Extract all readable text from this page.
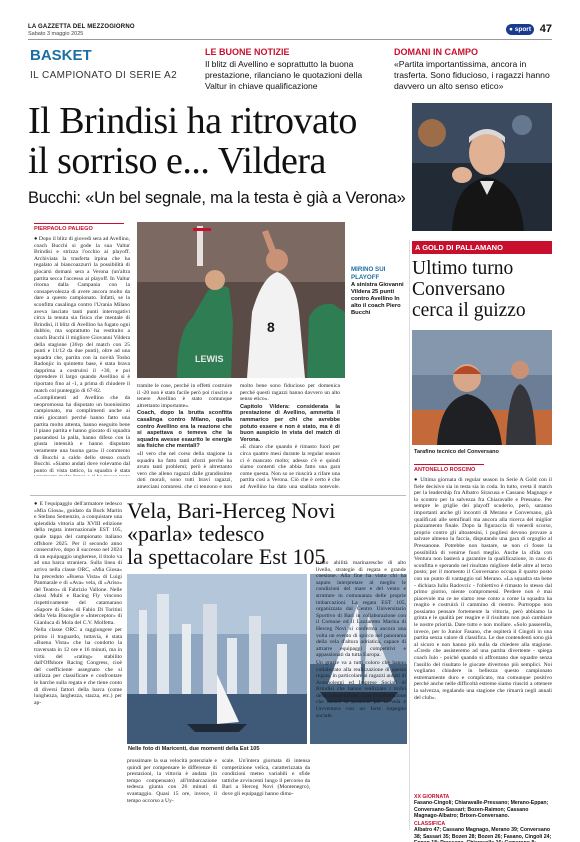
LA GAZZETTA DEL MEZZOGIORNO
Sabato 3 maggio 2025
● sport 47
BASKET
IL CAMPIONATO DI SERIE A2
LE BUONE NOTIZIE
Il blitz di Avellino e soprattutto la buona prestazione, rilanciano le quotazioni della Valtur in chiave qualificazione
DOMANI IN CAMPO
«Partita importantissima, ancora in trasferta. Sono fiducioso, i ragazzi hanno davvero un alto senso etico»
Il Brindisi ha ritrovato
il sorriso e... Vildera
Bucchi: «Un bel segnale, ma la testa è già a Verona»
PIERPAOLO PALIEGO

● Dopo il blitz di giovedì sera ad Avellino, coach Bucchi si gode la sua Valtur Brindisi e strizza l'occhio ai playoff. Archiviata la trasferta irpina che ha regalato al biancoazzurri la possibilità di giocarsi domani sera a Verona (un'altra partita secca l'accesso ai playoff. In Valtur ritorna dalla Campania con la consapevolezza di avere ancora molto da dare a questo campionato. Infatti, se la sconfitta casalinga contro l'Urania Milano aveva lasciato tanti punti interrogativi circa la tenuta sia fisica che mentale di Brindisi, il blitz di Avellino ha fugato ogni dubbio, ma soprattutto ha restituito a coach Bucchi il migliore Giovanni Vildera della stagione (36vp del match con 25 punti e 11/12 da due punti), oltre ad una squadra che, partita con la novità Tosho Radonjic in quintetto base, è stata brava dapprima a costruirsi il +30, e poi riprendere il largo quando Avellino si è riportato fino al -1, a prima di chiudere il match col punteggio di 67-82.

«Complimenti ad Avellino che da neopromossa ha disputato un buonissimo campionato, ma complimenti anche ai miei giocatori perché hanno fatto una partita molto attenta, hanno eseguito bene il piano partita e hanno giocato di squadra passandosi la palla, hanno difeso con la giusta intensità e hanno disputato veramente una buona gara» il commento di Bucchi a caldo dello stesso coach Bucchi. «Siamo andati dove volevamo dal punto di vista tattico, la squadra è stata

8
LEWIS
MIRINO SUI PLAYOFF
A sinistra Giovanni Vildera 25 punti contro Avellino In alto il coach Piero Bucchi

tramite le cose, perché in effetti costruire il -20 non è stato facile però poi riuscire a tenere Avellino è stato comunque altrettanto importante».

Coach, dopo la brutta sconfitta casalinga contro Milano, quella contro Avellino era la reazione che si aspettava o temeva che la squadra avesse esaurito le energie sia fisiche che mentali?

«Il vero che nel corso della stagione la squadra ha fatto tanti sforzi perché ha avuto tanti problemi; però è altrettanto vero che alleno ragazzi dalle grandissime doti morali, sono tutti bravi ragazzi, amerciani compresi, che ci tengono e non

molto bene sono fiducioso per domenica perché questi ragazzi hanno davvero un alto senso etico».

Capitolo Vildera: considerata la prestazione di Avellino, ammetta il rammarico per chi che avrebbe potuto essere e non è stato, ma è di buon auspicio in vista del match di Verona.

«E chiaro che quando è rimasto fuori per circa quattro mesi durante la regular season ci è mancato molto; adesso c'è e quindi siamo contenti che abbia fatto una gara come questa. Non so se riuscirà a rifare una partita così a Verona. Ciò che è certo è che ad Avellino ha dato una spallata notevole,

A GOLD DI PALLAMANO
Ultimo turno
Conversano
cerca il guizzo
Tarafino tecnico del Conversano
ANTONELLO ROSCINO

● Ultima giornata di regular season in Serie A Gold con il fiele decisivo sia in testa sia in coda. In tutto, sveta il match per la leadership fra Albatro Siracusa e Cassano Magnago e lo scontro per la salvezza fra Chiaravalle e Pressano. Per sempre le griglie dei playoff scuderio, però, saranno importanti anche gli incontri di Merano e Conversano, già qualificati alle semifinali ma ancora alla ricerca del miglior piazzamento finale. Dopo la figuraccia di venerdì scorso, proprio contro gli altoatesini, i pugliesi devono provare a salvare almeno la faccia, disputando una gara di orgoglio al Pressanone. Potrebbe non bastare, se non ci fosse la possibilità di venirne fuori meglio. Anche la sfida con Ventura non basterà a garantire la qualificazione, in caso di sconfitta e sperando nel risultato migliore delle altre al terzo posto; per il momento il Conversano occupa il quarto posto con un punto di vantaggio sul Merano. «La squadra sta bene - dichiara Iuliu Radovcic - l'obiettivo è rimasto lo stesso dal primo giorno, niente compromessi. Perdere non è mai piacevole ma ce ne siamo rese conto a come la squadra ha reagito e costruirà il cammino di rientro. Purtroppo non possiamo pensare fortemente la vittoria, però abbiamo la grinta e le qualità per reagire e il risultato non può cambiare le nostre priorità. Dare tutto e non mollare. «Solo passerella, invece, per lo Junior Fasano, che ospiterà il Cingoli in una partita senza valore di classifica. Le due contendenti sono già al sicuro e non hanno più nulla da chiedere alla stagione. «Credo che assisteremo ad una partita divertente - spiega coach Iulo - poiché quando si affrontano due squadre senza l'assillo del risultato le giocate divertono più semplici. Noi vogliamo chiudere in bellezza questo campionato estremamente duro e complicato, ma comunque positivo perché anche nelle difficoltà estreme siamo riusciti a ottenere la salvezza, regalando una stagione che rimarrà negli annali del club».

XX GIORNATA
Fasano-Cingoli; Chiaravalle-Pressano; Merano-Eppan; Conversano-Sassari; Bozen-Raimon; Cassano Magnago-Albatro; Brixen-Conversano.
CLASSIFICA
Albatro 47; Cassano Magnago, Merano 39; Conversano 38; Sassari 35; Bozen 28; Bozen 26; Fasano, Cingoli 24;

● E l'equipaggio dell'armatore tedesco «Mia Giosa», guidato da Buck Martin e Stefano Semenzin, a conquistare una splendida vittoria alla XVIII edizione della regata internazionale EST 105, quale tappa del campionato italiano offshore 2025. Per il secondo anno consecutivo, dopo il successo nel 2024 di un equipaggio ungherese, il titolo va ad una barca straniera. Sulla linea di arrivo nella classe ORC, «Mia Giosa» ha preceduto «Buena Vista» di Luigi Panmarale e di «Ava» vela, di «Ariso» del Teatro» di Fabrizio Vallone. Nelle classi Multi e Racing Fly vincono rispettivamente del catamarano «Sapore di Sale» di Fabio Di Toritini della Vela Bisceglie e «Interceptor» di Gianluca di Mola del C.V. Molfetta.

Nella classe ORC a raggiungere per primo il traguardo, tuttavia, è stata «Buena Vista» che ha condotto la traversata in 12 ore e 16 minuti, ma in virtù del «rating» stabilito dall'Offshore Racing Congress, cioè del coefficiente assegnato che si utilizza per classificare e confrontare le barche sulla regata e che tiene conto di diversi fattori della barca (come lunghezza, larghezza, stazza, etc.) per ap-

Vela, Bari-Herceg Novi
«parla» tedesco
la spettacolare Est 105
Nelle foto di Maricenti, due momenti della Est 105

prossimare la sua velocità potenziale e quindi per compensare le differenze di prestazioni, la vittoria è andata (in tempo compensato) all'imbarcazione tedesca giunta con 26 minuti di svantaggio. Quasi 15 ore, invece, il tempo occorso a Uy-

scale. Un'intera giornata di intensa competizione velica, caratterizzata da condizioni meteo variabili e sfide tattiche avvincenti lungo il percorso da Bari a Herceg Novi (Montenegro), dove gli equipaggi hanno dimo-

strato abilità marinaresche di alto livello, strategie di regata e grande coesione. Alla fine ha vinto chi ha saputo interpretare al meglio le condizioni del mare e del vento e strutture in comunanza delle proprie imbarcazioni. La regata EST 105, organizzata dal Centro Universitario Sportivo di Bari in collaborazione con il Comune ed il Lazzaretto Marina di Herceg Novi si conferma ancora una volta un evento di spicco nel panorama della vela d'altura adriatica, capace di attrarre equipaggi competitivi e appassionati da tutta Europa.

Un grazie va a tutti coloro che hanno collaborato alla realizzazione di questa regata, in particolare ai ragazzi autisti di Autonoleggi ed Imprese Sociali di Brindisi che hanno realizzato i trofei della competizione. Una collaborazione che unisce la passione per la vela e l'avventura con un forte impegno sociale.
